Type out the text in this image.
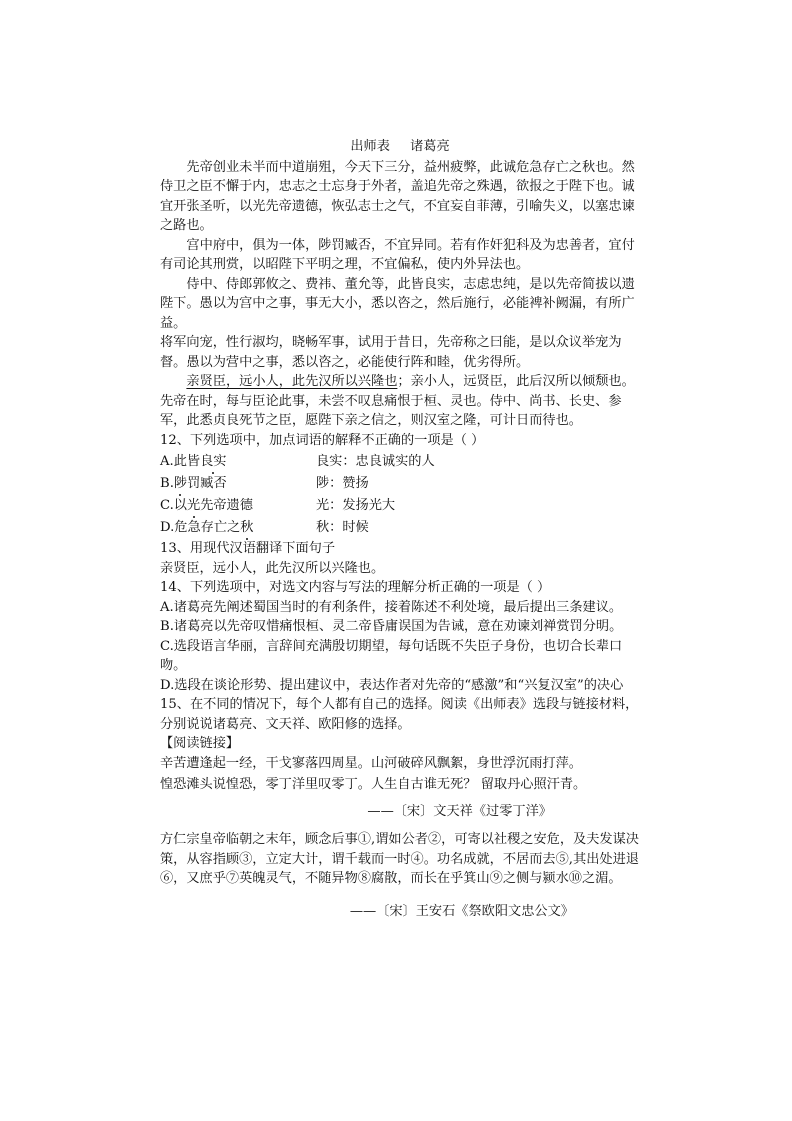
出师表 诸葛亮

先帝创业未半而中道崩殂，今天下三分，益州疲弊，此诚危急存亡之秋也。然侍卫之臣不懈于内，忠志之士忘身于外者，盖追先帝之殊遇，欲报之于陛下也。诚宜开张圣听，以光先帝遗德，恢弘志士之气，不宜妄自菲薄，引喻失义，以塞忠谏之路也。

宫中府中，俱为一体，陟罚臧否，不宜异同。若有作奸犯科及为忠善者，宜付有司论其刑赏，以昭陛下平明之理，不宜偏私，使内外异法也。

侍中、侍郎郭攸之、费祎、董允等，此皆良实，志虑忠纯，是以先帝简拔以遗陛下。愚以为宫中之事，事无大小，悉以咨之，然后施行，必能裨补阙漏，有所广益。

将军向宠，性行淑均，晓畅军事，试用于昔日，先帝称之曰能，是以众议举宠为督。愚以为营中之事，悉以咨之，必能使行阵和睦，优劣得所。

亲贤臣，远小人，此先汉所以兴隆也；亲小人，远贤臣，此后汉所以倾颓也。先帝在时，每与臣论此事，未尝不叹息痛恨于桓、灵也。侍中、尚书、长史、参军，此悉贞良死节之臣，愿陛下亲之信之，则汉室之隆，可计日而待也。

12、下列选项中，加点词语的解释不正确的一项是（ ）

A.此皆良实	良实：忠良诚实的人
B.陟罚臧否	陟：赞扬
C.以光先帝遗德	光：发扬光大
D.危急存亡之秋	秋：时候

13、用现代汉语翻译下面句子

亲贤臣，远小人，此先汉所以兴隆也。

14、下列选项中，对选文内容与写法的理解分析正确的一项是（ ）

A.诸葛亮先阐述蜀国当时的有利条件，接着陈述不利处境，最后提出三条建议。

B.诸葛亮以先帝叹惜痛恨桓、灵二帝昏庸误国为告诫，意在劝谏刘禅赏罚分明。

C.选段语言华丽，言辞间充满殷切期望，每句话既不失臣子身份，也切合长辈口吻。

D.选段在谈论形势、提出建议中，表达作者对先帝的“感激”和“兴复汉室”的决心

15、在不同的情况下，每个人都有自己的选择。阅读《出师表》选段与链接材料，分别说说诸葛亮、文天祥、欧阳修的选择。

【阅读链接】

辛苦遭逢起一经，干戈寥落四周星。山河破碎风飘絮，身世浮沉雨打萍。

惶恐滩头说惶恐，零丁洋里叹零丁。人生自古谁无死？ 留取丹心照汗青。

——〔宋〕文天祥《过零丁洋》

方仁宗皇帝临朝之末年，顾念后事①,谓如公者②，可寄以社稷之安危，及夫发谋决策，从容指顾③，立定大计，谓千载而一时④。功名成就，不居而去⑤,其出处进退⑥，又庶乎⑦英魄灵气，不随异物⑧腐散，而长在乎箕山⑨之侧与颍水⑩之湄。

——〔宋〕王安石《祭欧阳文忠公文》
